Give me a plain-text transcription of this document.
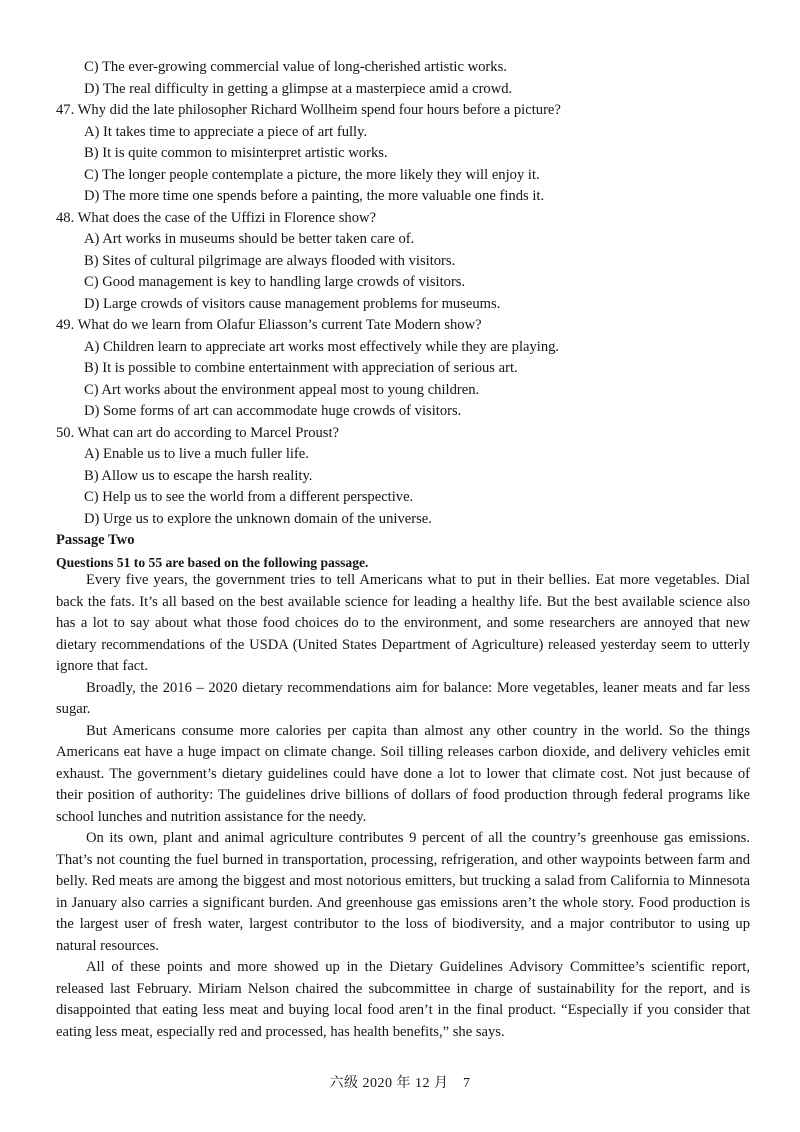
C) The ever-growing commercial value of long-cherished artistic works.
D) The real difficulty in getting a glimpse at a masterpiece amid a crowd.
47. Why did the late philosopher Richard Wollheim spend four hours before a picture?
A) It takes time to appreciate a piece of art fully.
B) It is quite common to misinterpret artistic works.
C) The longer people contemplate a picture, the more likely they will enjoy it.
D) The more time one spends before a painting, the more valuable one finds it.
48. What does the case of the Uffizi in Florence show?
A) Art works in museums should be better taken care of.
B) Sites of cultural pilgrimage are always flooded with visitors.
C) Good management is key to handling large crowds of visitors.
D) Large crowds of visitors cause management problems for museums.
49. What do we learn from Olafur Eliasson’s current Tate Modern show?
A) Children learn to appreciate art works most effectively while they are playing.
B) It is possible to combine entertainment with appreciation of serious art.
C) Art works about the environment appeal most to young children.
D) Some forms of art can accommodate huge crowds of visitors.
50. What can art do according to Marcel Proust?
A) Enable us to live a much fuller life.
B) Allow us to escape the harsh reality.
C) Help us to see the world from a different perspective.
D) Urge us to explore the unknown domain of the universe.
Passage Two
Questions 51 to 55 are based on the following passage.

Every five years, the government tries to tell Americans what to put in their bellies. Eat more vegetables. Dial back the fats. It’s all based on the best available science for leading a healthy life. But the best available science also has a lot to say about what those food choices do to the environment, and some researchers are annoyed that new dietary recommendations of the USDA (United States Department of Agriculture) released yesterday seem to utterly ignore that fact.

Broadly, the 2016 – 2020 dietary recommendations aim for balance: More vegetables, leaner meats and far less sugar.

But Americans consume more calories per capita than almost any other country in the world. So the things Americans eat have a huge impact on climate change. Soil tilling releases carbon dioxide, and delivery vehicles emit exhaust. The government’s dietary guidelines could have done a lot to lower that climate cost. Not just because of their position of authority: The guidelines drive billions of dollars of food production through federal programs like school lunches and nutrition assistance for the needy.

On its own, plant and animal agriculture contributes 9 percent of all the country’s greenhouse gas emissions. That’s not counting the fuel burned in transportation, processing, refrigeration, and other waypoints between farm and belly. Red meats are among the biggest and most notorious emitters, but trucking a salad from California to Minnesota in January also carries a significant burden. And greenhouse gas emissions aren’t the whole story. Food production is the largest user of fresh water, largest contributor to the loss of biodiversity, and a major contributor to using up natural resources.

All of these points and more showed up in the Dietary Guidelines Advisory Committee’s scientific report, released last February. Miriam Nelson chaired the subcommittee in charge of sustainability for the report, and is disappointed that eating less meat and buying local food aren’t in the final product. “Especially if you consider that eating less meat, especially red and processed, has health benefits,” she says.

六级 2020 年 12 月　7
